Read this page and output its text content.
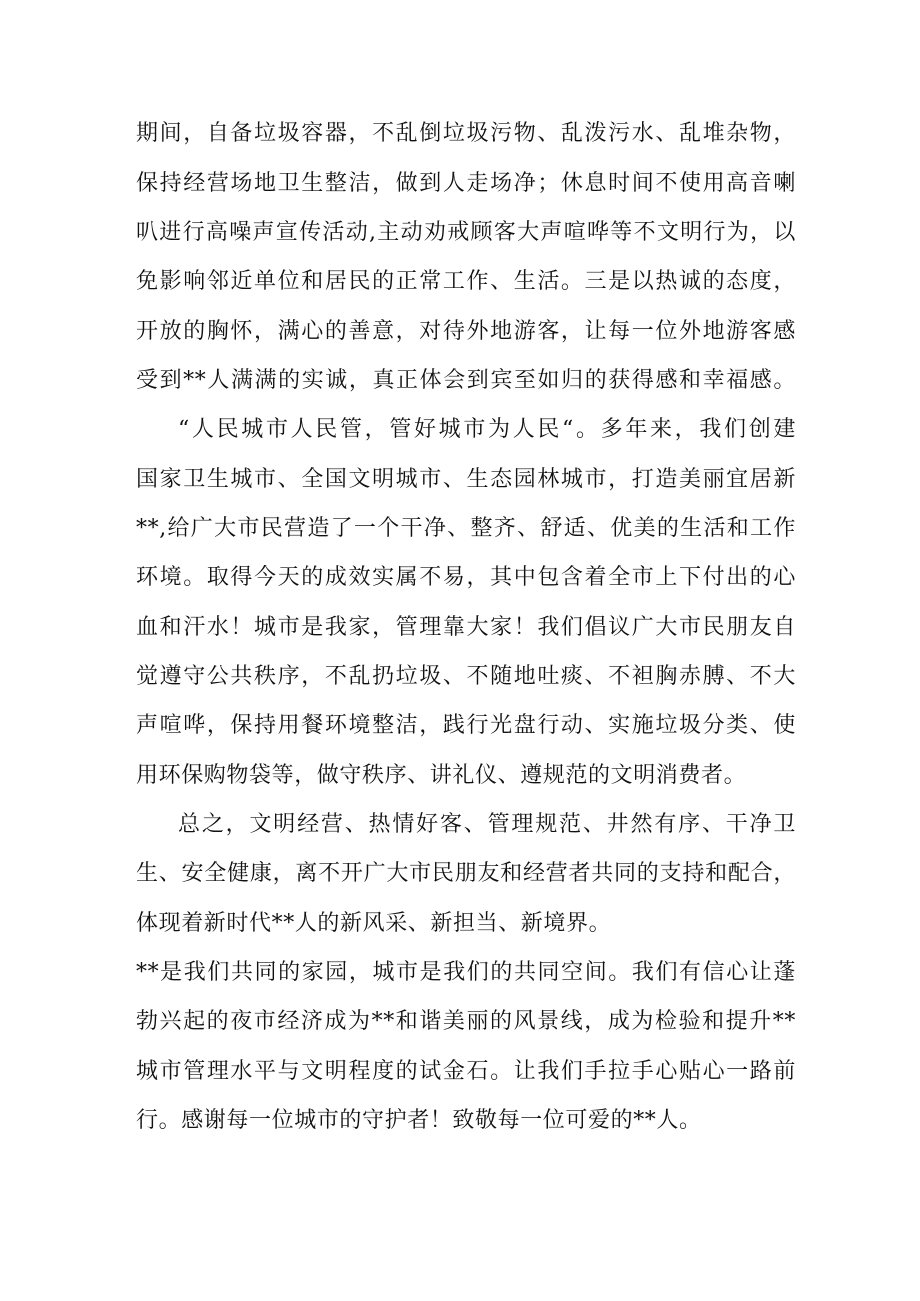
期间，自备垃圾容器，不乱倒垃圾污物、乱泼污水、乱堆杂物，
保持经营场地卫生整洁，做到人走场净；休息时间不使用高音喇
叭进行高噪声宣传活动,主动劝戒顾客大声喧哗等不文明行为，以
免影响邻近单位和居民的正常工作、生活。三是以热诚的态度，
开放的胸怀，满心的善意，对待外地游客，让每一位外地游客感
受到**人满满的实诚，真正体会到宾至如归的获得感和幸福感。
“人民城市人民管，管好城市为人民“。多年来，我们创建
国家卫生城市、全国文明城市、生态园林城市，打造美丽宜居新
**,给广大市民营造了一个干净、整齐、舒适、优美的生活和工作
环境。取得今天的成效实属不易，其中包含着全市上下付出的心
血和汗水！城市是我家，管理靠大家！我们倡议广大市民朋友自
觉遵守公共秩序，不乱扔垃圾、不随地吐痰、不袒胸赤膊、不大
声喧哗，保持用餐环境整洁，践行光盘行动、实施垃圾分类、使
用环保购物袋等，做守秩序、讲礼仪、遵规范的文明消费者。
总之，文明经营、热情好客、管理规范、井然有序、干净卫
生、安全健康，离不开广大市民朋友和经营者共同的支持和配合，
体现着新时代**人的新风采、新担当、新境界。
**是我们共同的家园，城市是我们的共同空间。我们有信心让蓬
勃兴起的夜市经济成为**和谐美丽的风景线，成为检验和提升**
城市管理水平与文明程度的试金石。让我们手拉手心贴心一路前
行。感谢每一位城市的守护者！致敬每一位可爱的**人。
